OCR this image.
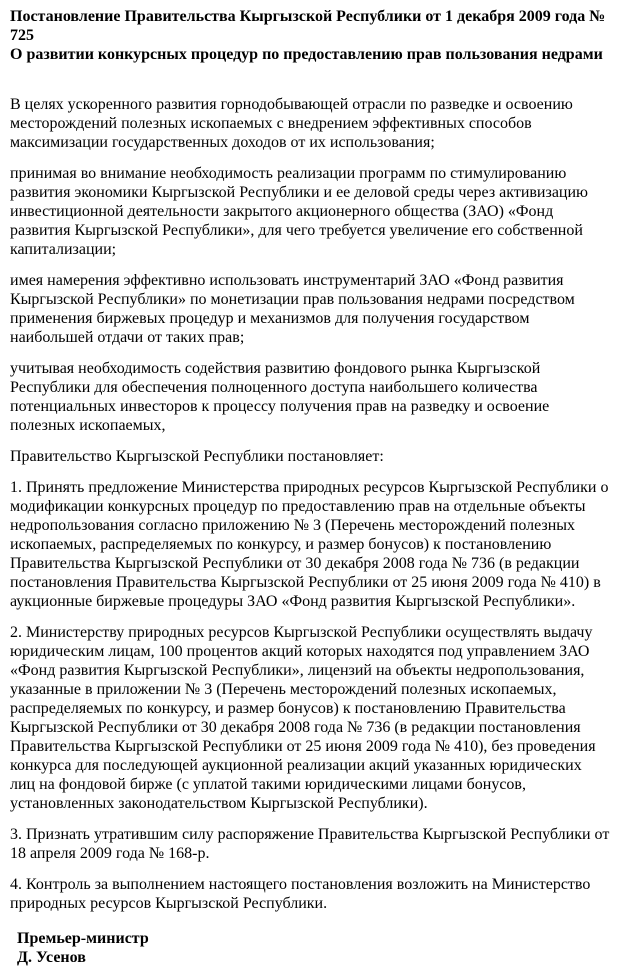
Постановление Правительства Кыргызской Республики от 1 декабря 2009 года № 725
О развитии конкурсных процедур по предоставлению прав пользования недрами

В целях ускоренного развития горнодобывающей отрасли по разведке и освоению месторождений полезных ископаемых с внедрением эффективных способов максимизации государственных доходов от их использования;

принимая во внимание необходимость реализации программ по стимулированию развития экономики Кыргызской Республики и ее деловой среды через активизацию инвестиционной деятельности закрытого акционерного общества (ЗАО) «Фонд развития Кыргызской Республики», для чего требуется увеличение его собственной капитализации;

имея намерения эффективно использовать инструментарий ЗАО «Фонд развития Кыргызской Республики» по монетизации прав пользования недрами посредством применения биржевых процедур и механизмов для получения государством наибольшей отдачи от таких прав;

учитывая необходимость содействия развитию фондового рынка Кыргызской Республики для обеспечения полноценного доступа наибольшего количества потенциальных инвесторов к процессу получения прав на разведку и освоение полезных ископаемых,

Правительство Кыргызской Республики постановляет:

1. Принять предложение Министерства природных ресурсов Кыргызской Республики о модификации конкурсных процедур по предоставлению прав на отдельные объекты недропользования согласно приложению № 3 (Перечень месторождений полезных ископаемых, распределяемых по конкурсу, и размер бонусов) к постановлению Правительства Кыргызской Республики от 30 декабря 2008 года № 736 (в редакции постановления Правительства Кыргызской Республики от 25 июня 2009 года № 410) в аукционные биржевые процедуры ЗАО «Фонд развития Кыргызской Республики».

2. Министерству природных ресурсов Кыргызской Республики осуществлять выдачу юридическим лицам, 100 процентов акций которых находятся под управлением ЗАО «Фонд развития Кыргызской Республики», лицензий на объекты недропользования, указанные в приложении № 3 (Перечень месторождений полезных ископаемых, распределяемых по конкурсу, и размер бонусов) к постановлению Правительства Кыргызской Республики от 30 декабря 2008 года № 736 (в редакции постановления Правительства Кыргызской Республики от 25 июня 2009 года № 410), без проведения конкурса для последующей аукционной реализации акций указанных юридических лиц на фондовой бирже (с уплатой такими юридическими лицами бонусов, установленных законодательством Кыргызской Республики).

3. Признать утратившим силу распоряжение Правительства Кыргызской Республики от 18 апреля 2009 года № 168-р.

4. Контроль за выполнением настоящего постановления возложить на Министерство природных ресурсов Кыргызской Республики.

Премьер-министр
Д. Усенов
